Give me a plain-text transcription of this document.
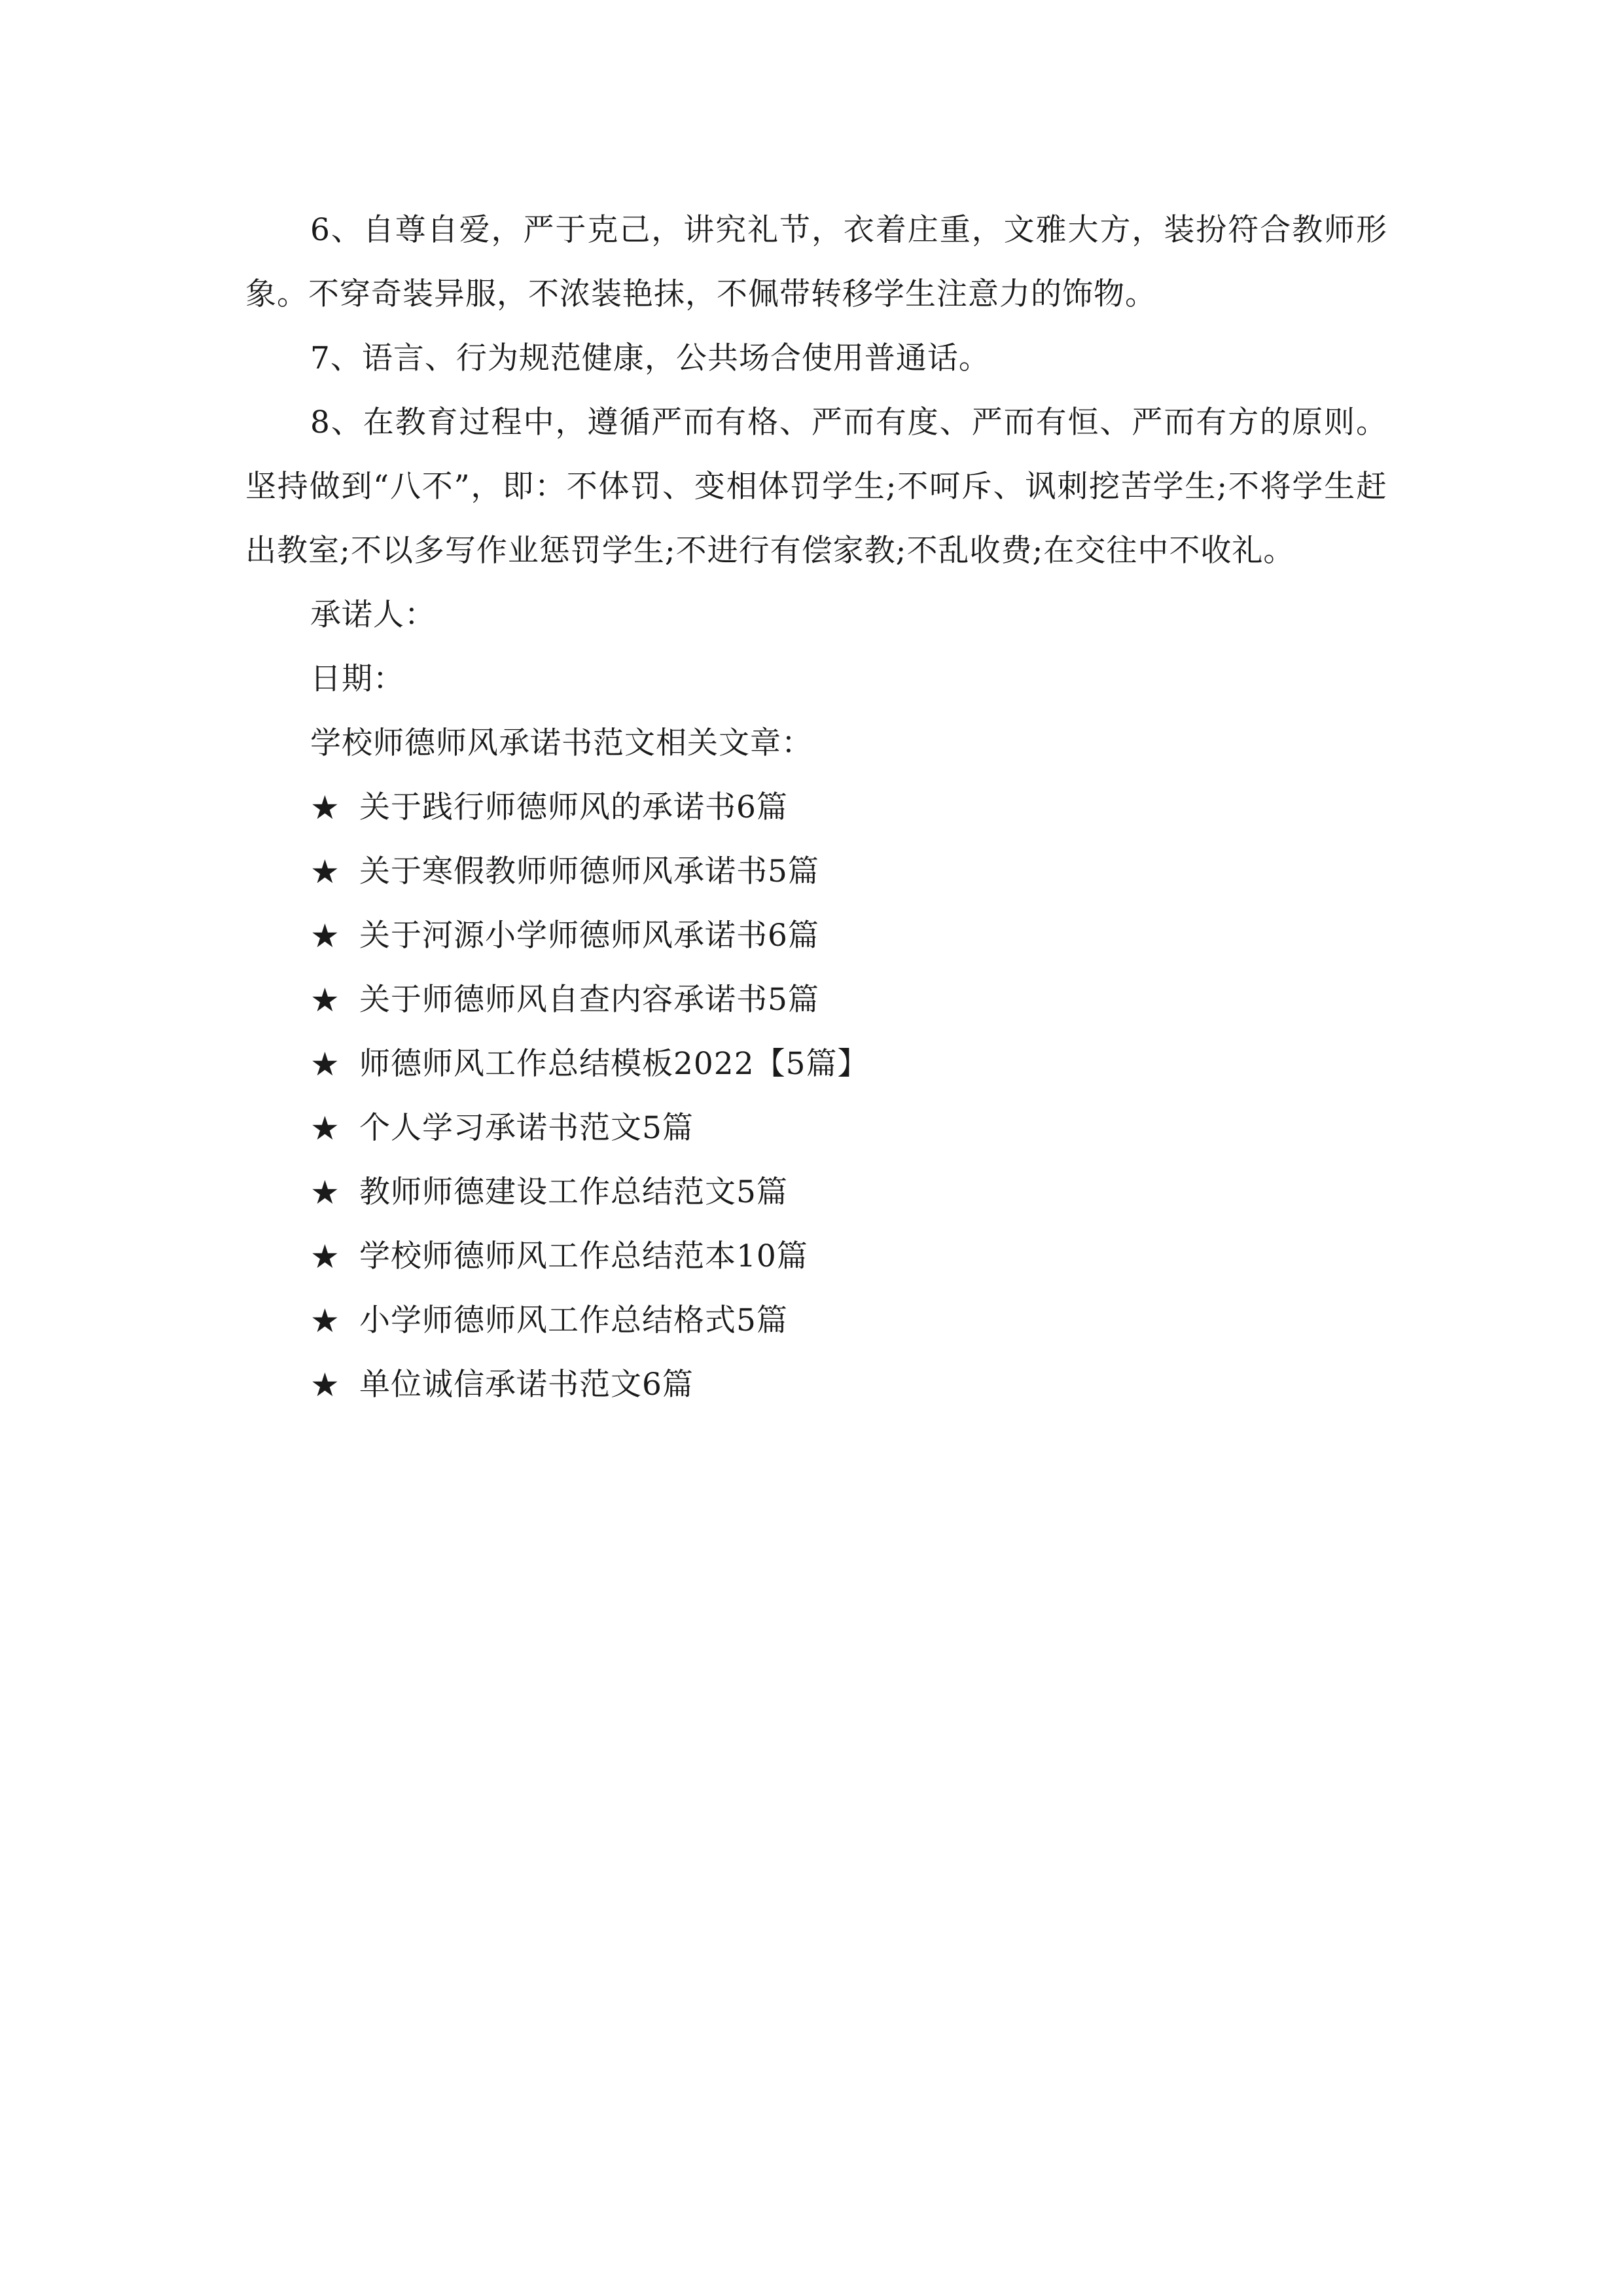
6、自尊自爱，严于克己，讲究礼节，衣着庄重，文雅大方，装扮符合教师形象。不穿奇装异服，不浓装艳抹，不佩带转移学生注意力的饰物。

7、语言、行为规范健康，公共场合使用普通话。

8、在教育过程中，遵循严而有格、严而有度、严而有恒、严而有方的原则。坚持做到“八不”，即：不体罚、变相体罚学生;不呵斥、讽刺挖苦学生;不将学生赶出教室;不以多写作业惩罚学生;不进行有偿家教;不乱收费;在交往中不收礼。

承诺人：

日期：

学校师德师风承诺书范文相关文章：

★ 关于践行师德师风的承诺书6篇
★ 关于寒假教师师德师风承诺书5篇
★ 关于河源小学师德师风承诺书6篇
★ 关于师德师风自查内容承诺书5篇
★ 师德师风工作总结模板2022【5篇】
★ 个人学习承诺书范文5篇
★ 教师师德建设工作总结范文5篇
★ 学校师德师风工作总结范本10篇
★ 小学师德师风工作总结格式5篇
★ 单位诚信承诺书范文6篇
